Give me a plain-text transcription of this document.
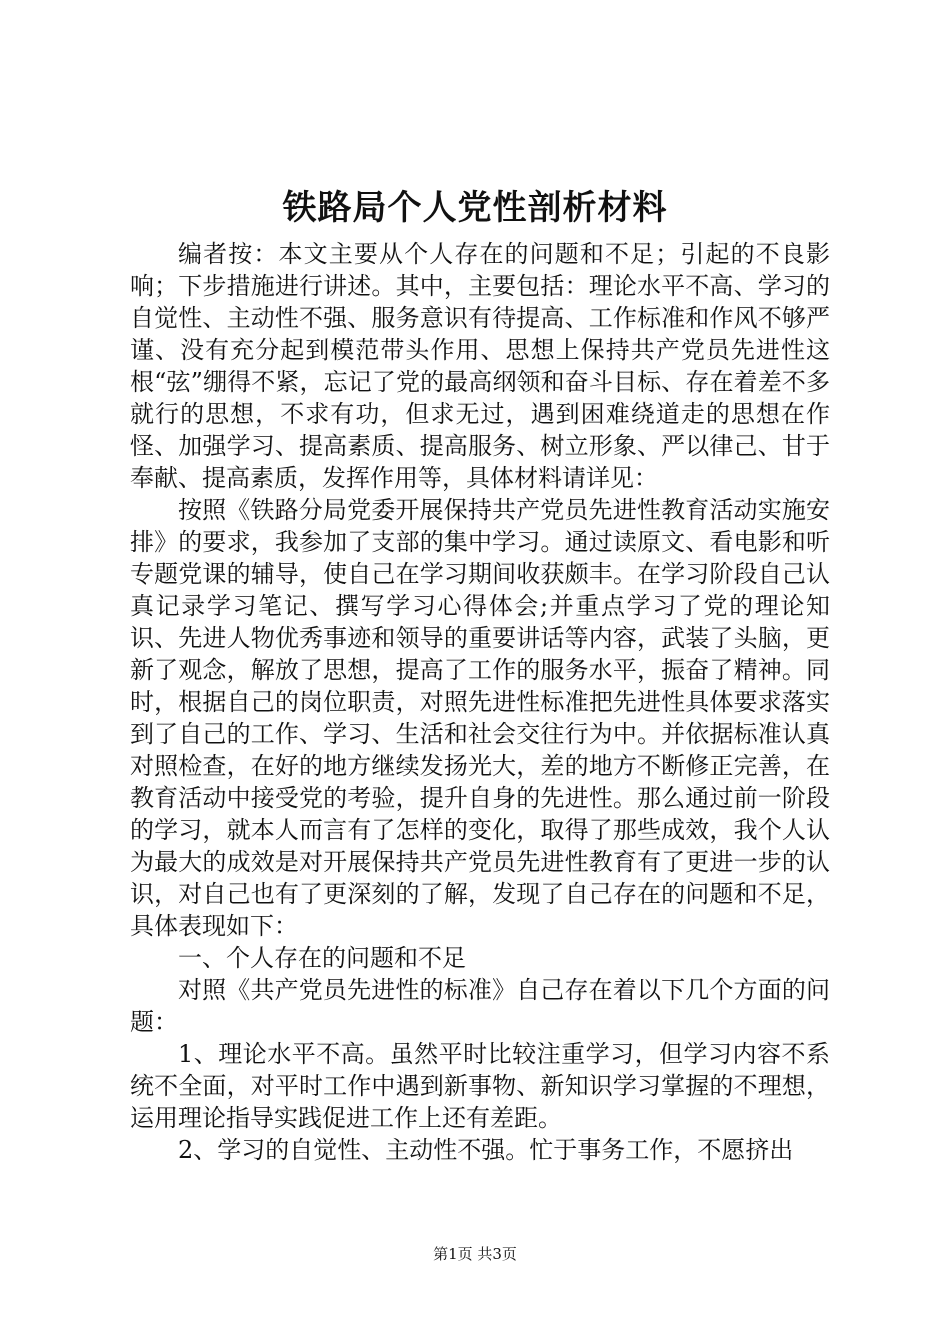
铁路局个人党性剖析材料

编者按：本文主要从个人存在的问题和不足；引起的不良影响；下步措施进行讲述。其中，主要包括：理论水平不高、学习的自觉性、主动性不强、服务意识有待提高、工作标准和作风不够严谨、没有充分起到模范带头作用、思想上保持共产党员先进性这根“弦”绷得不紧，忘记了党的最高纲领和奋斗目标、存在着差不多就行的思想，不求有功，但求无过，遇到困难绕道走的思想在作怪、加强学习、提高素质、提高服务、树立形象、严以律己、甘于奉献、提高素质，发挥作用等，具体材料请详见：

按照《铁路分局党委开展保持共产党员先进性教育活动实施安排》的要求，我参加了支部的集中学习。通过读原文、看电影和听专题党课的辅导，使自己在学习期间收获颇丰。在学习阶段自己认真记录学习笔记、撰写学习心得体会;并重点学习了党的理论知识、先进人物优秀事迹和领导的重要讲话等内容，武装了头脑，更新了观念，解放了思想，提高了工作的服务水平，振奋了精神。同时，根据自己的岗位职责，对照先进性标准把先进性具体要求落实到了自己的工作、学习、生活和社会交往行为中。并依据标准认真对照检查，在好的地方继续发扬光大，差的地方不断修正完善，在教育活动中接受党的考验，提升自身的先进性。那么通过前一阶段的学习，就本人而言有了怎样的变化，取得了那些成效，我个人认为最大的成效是对开展保持共产党员先进性教育有了更进一步的认识，对自己也有了更深刻的了解，发现了自己存在的问题和不足，具体表现如下：

一、个人存在的问题和不足

对照《共产党员先进性的标准》自己存在着以下几个方面的问题：

1、理论水平不高。虽然平时比较注重学习，但学习内容不系统不全面，对平时工作中遇到新事物、新知识学习掌握的不理想，运用理论指导实践促进工作上还有差距。

2、学习的自觉性、主动性不强。忙于事务工作，不愿挤出

第1页 共3页
